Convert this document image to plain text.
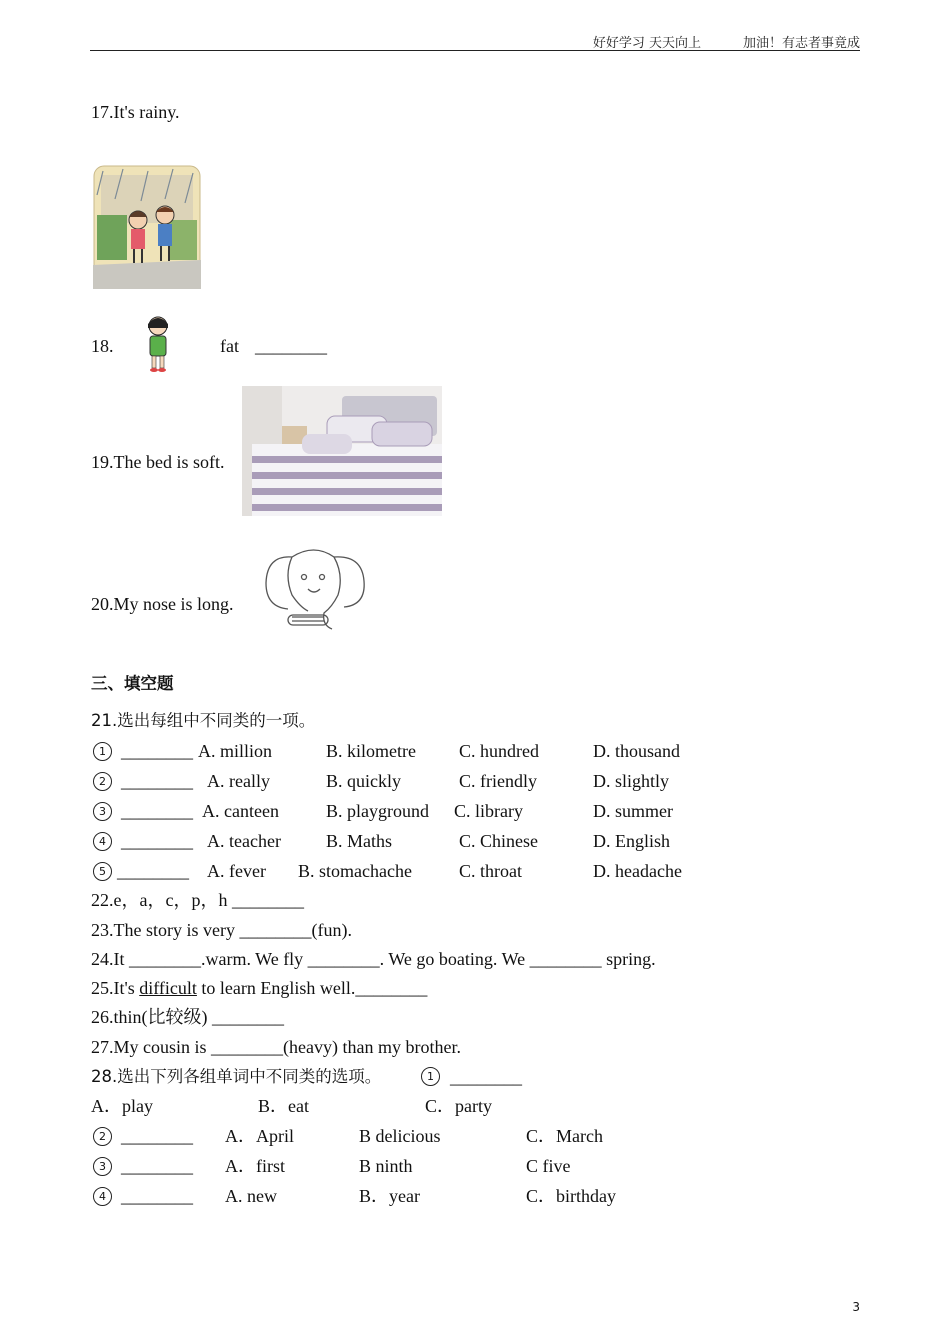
好好学习 天天向上	加油！有志者事竟成
17.It's rainy.
18.	fat ________
19.The bed is soft.
20.My nose is long.
三、填空题
21.选出每组中不同类的一项。
1 ________ A. million	B. kilometre C. hundred	D. thousand
2 ________ A. really	B. quickly	C. friendly	D. slightly
3 ________ A. canteen	B. playground C. library	D. summer
4 ________ A. teacher	B. Maths	C. Chinese	D. English
5 ________ A. fever B. stomachache	C. throat	D. headache
22.e，a，c，p，h ________
23.The story is very ________(fun).
24.It ________.warm. We fly ________. We go boating. We ________ spring.
25.It's difficult to learn English well.________
26.thin(比较级) ________
27.My cousin is ________(heavy) than my brother.
28.选出下列各组单词中不同类的选项。	1 ________
A．play	B．eat	C．party
2 ________ A．April	B delicious	C．March
3 ________ A．first	B ninth	C five
4 ________ A. new	B．year	C．birthday
3
